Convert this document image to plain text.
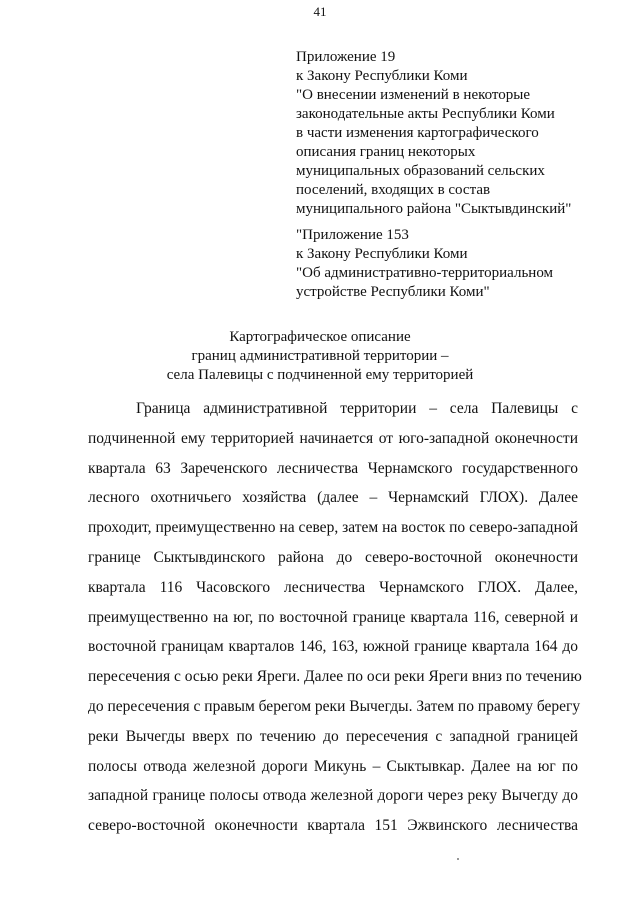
41
Приложение 19
к Закону Республики Коми
"О внесении изменений в некоторые
законодательные акты Республики Коми
в части изменения картографического
описания границ некоторых
муниципальных образований сельских
поселений, входящих в состав
муниципального района "Сыктывдинский"
"Приложение 153
к Закону Республики Коми
"Об административно-территориальном
устройстве Республики Коми"
Картографическое описание
границ административной территории –
села Палевицы с подчиненной ему территорией
Граница административной территории – села Палевицы с
подчиненной ему территорией начинается от юго-западной оконечности
квартала 63 Зареченского лесничества Чернамского государственного
лесного охотничьего хозяйства (далее – Чернамский ГЛОХ). Далее
проходит, преимущественно на север, затем на восток по северо-западной
границе Сыктывдинского района до северо-восточной оконечности
квартала 116 Часовского лесничества Чернамского ГЛОХ. Далее,
преимущественно на юг, по восточной границе квартала 116, северной и
восточной границам кварталов 146, 163, южной границе квартала 164 до
пересечения с осью реки Яреги. Далее по оси реки Яреги вниз по течению
до пересечения с правым берегом реки Вычегды. Затем по правому берегу
реки Вычегды вверх по течению до пересечения с западной границей
полосы отвода железной дороги Микунь – Сыктывкар. Далее на юг по
западной границе полосы отвода железной дороги через реку Вычегду до
северо-восточной оконечности квартала 151 Эжвинского лесничества
